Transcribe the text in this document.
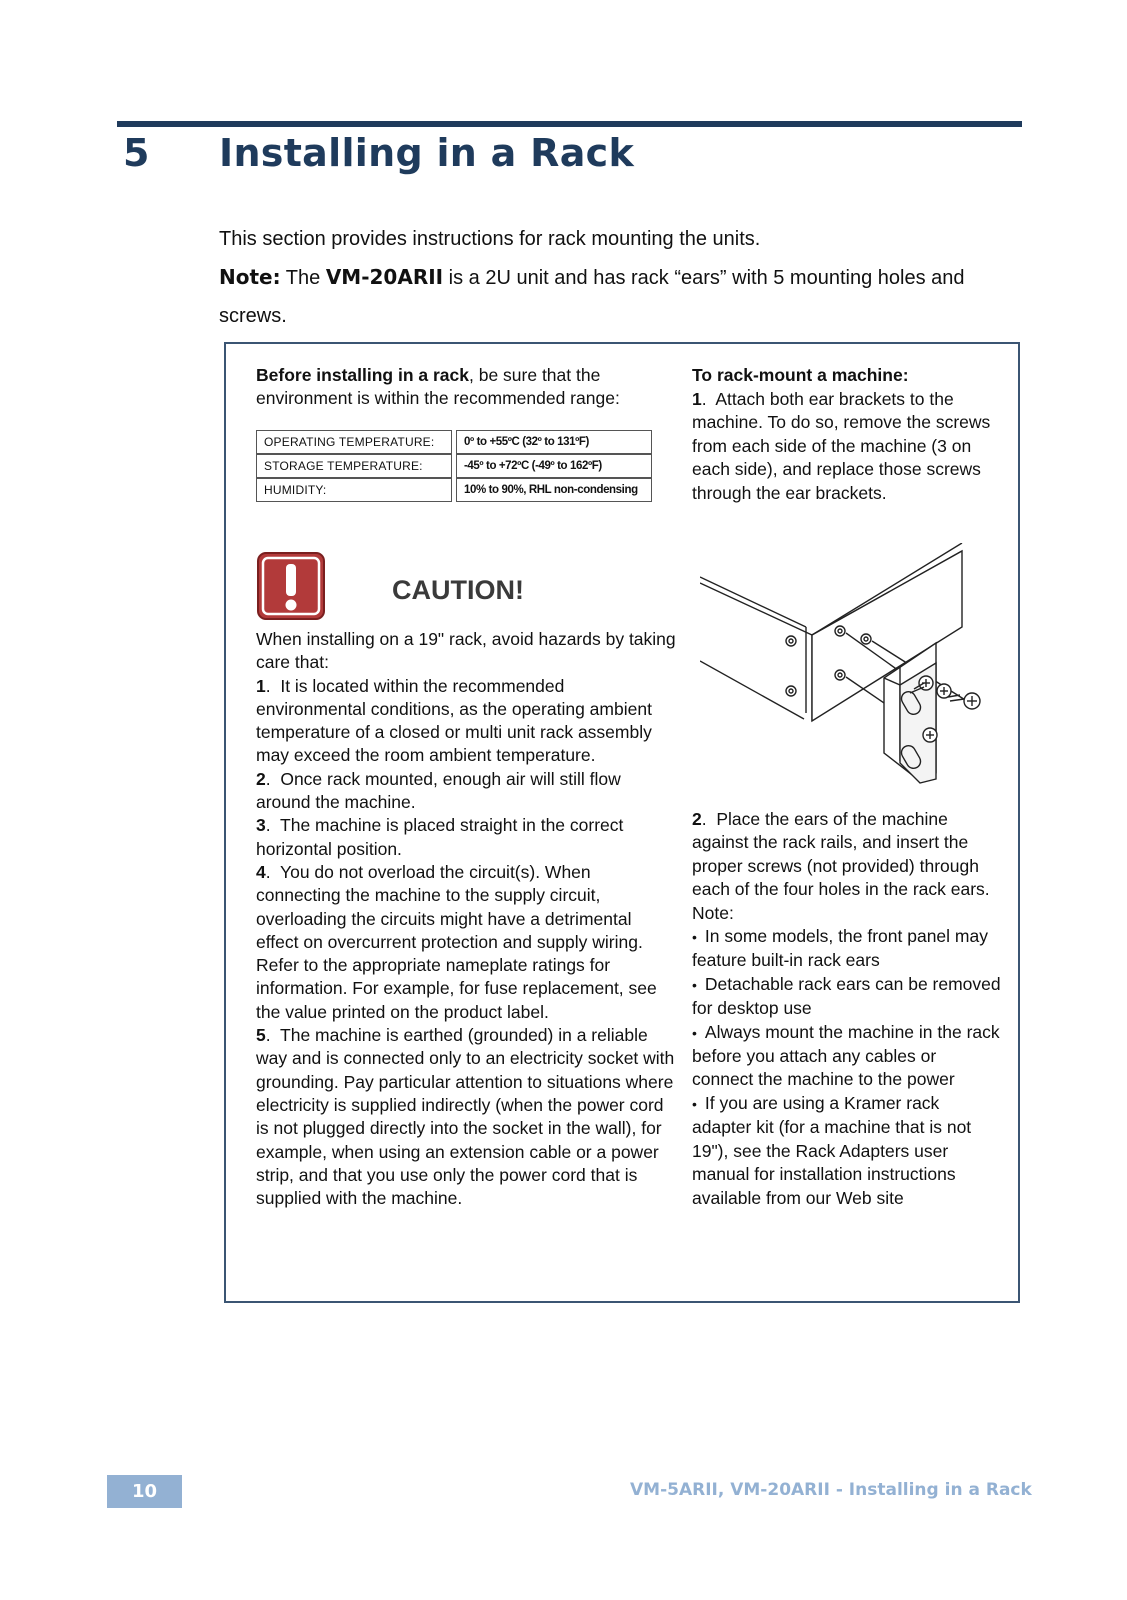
5 Installing in a Rack
This section provides instructions for rack mounting the units.
Note: The VM-20ARII is a 2U unit and has rack “ears” with 5 mounting holes and screws.

Before installing in a rack, be sure that the environment is within the recommended range:

OPERATING TEMPERATURE:	0º to +55ºC (32º to 131ºF)
STORAGE TEMPERATURE:	-45º to +72ºC (-49º to 162ºF)
HUMIDITY:	10% to 90%, RHL non-condensing
CAUTION!

When installing on a 19" rack, avoid hazards by taking care that:

1.  It is located within the recommended environmental conditions, as the operating ambient temperature of a closed or multi unit rack assembly may exceed the room ambient temperature.

2.  Once rack mounted, enough air will still flow around the machine.

3.  The machine is placed straight in the correct horizontal position.

4.  You do not overload the circuit(s). When connecting the machine to the supply circuit, overloading the circuits might have a detrimental effect on overcurrent protection and supply wiring. Refer to the appropriate nameplate ratings for information. For example, for fuse replacement, see the value printed on the product label.

5.  The machine is earthed (grounded) in a reliable way and is connected only to an electricity socket with grounding. Pay particular attention to situations where electricity is supplied indirectly (when the power cord is not plugged directly into the socket in the wall), for example, when using an extension cable or a power strip, and that you use only the power cord that is supplied with the machine.

To rack-mount a machine:

1.  Attach both ear brackets to the machine. To do so, remove the screws from each side of the machine (3 on each side), and replace those screws through the ear brackets.

2.  Place the ears of the machine against the rack rails, and insert the proper screws (not provided) through each of the four holes in the rack ears.

Note:

• In some models, the front panel may feature built-in rack ears

• Detachable rack ears can be removed for desktop use

• Always mount the machine in the rack before you attach any cables or connect the machine to the power

• If you are using a Kramer rack adapter kit (for a machine that is not 19"), see the Rack Adapters user manual for installation instructions available from our Web site

10	VM-5ARII, VM-20ARII - Installing in a Rack
